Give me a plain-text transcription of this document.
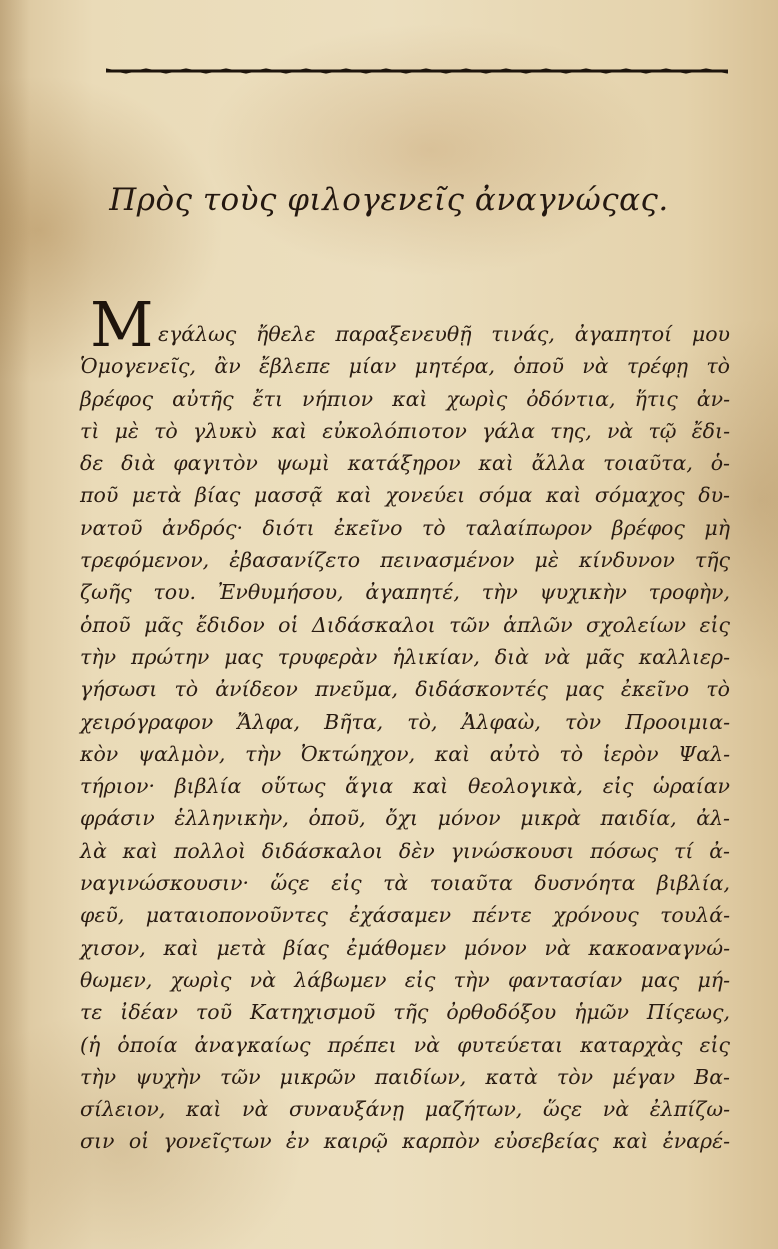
Πρὸς τοὺς φιλογενεῖς ἀναγνώςας.
Μ εγάλως ἤθελε παραξενευθῇ τινάς, ἀγαπητοί μου
Ὁμογενεῖς, ἂν ἔβλεπε μίαν μητέρα, ὁποῦ νὰ τρέφῃ τὸ
βρέφος αὐτῆς ἔτι νήπιον καὶ χωρὶς ὀδόντια, ἥτις ἀν-
τὶ μὲ τὸ γλυκὺ καὶ εὐκολόπιοτον γάλα της, νὰ τῷ ἔδι-
δε διὰ φαγιτὸν ψωμὶ κατάξηρον καὶ ἄλλα τοιαῦτα, ὁ-
ποῦ μετὰ βίας μασσᾷ καὶ χονεύει σόμα καὶ σόμαχος δυ-
νατοῦ ἀνδρός· διότι ἐκεῖνο τὸ ταλαίπωρον βρέφος μὴ
τρεφόμενον, ἐβασανίζετο πεινασμένον μὲ κίνδυνον τῆς
ζωῆς του. Ἐνθυμήσου, ἀγαπητέ, τὴν ψυχικὴν τροφὴν,
ὁποῦ μᾶς ἔδιδον οἱ Διδάσκαλοι τῶν ἁπλῶν σχολείων εἰς
τὴν πρώτην μας τρυφερὰν ἡλικίαν, διὰ νὰ μᾶς καλλιερ-
γήσωσι τὸ ἀνίδεον πνεῦμα, διδάσκοντές μας ἐκεῖνο τὸ
χειρόγραφον Ἄλφα, Βῆτα, τὸ, Ἀλφαὼ, τὸν Προοιμια-
κὸν ψαλμὸν, τὴν Ὀκτώηχον, καὶ αὐτὸ τὸ ἱερὸν Ψαλ-
τήριον· βιβλία οὕτως ἅγια καὶ θεολογικὰ, εἰς ὡραίαν
φράσιν ἑλληνικὴν, ὁποῦ, ὄχι μόνον μικρὰ παιδία, ἀλ-
λὰ καὶ πολλοὶ διδάσκαλοι δὲν γινώσκουσι πόσως τί ἀ-
ναγινώσκουσιν· ὥςε εἰς τὰ τοιαῦτα δυσνόητα βιβλία,
φεῦ, ματαιοπονοῦντες ἐχάσαμεν πέντε χρόνους τουλά-
χισον, καὶ μετὰ βίας ἐμάθομεν μόνον νὰ κακοαναγνώ-
θωμεν, χωρὶς νὰ λάβωμεν εἰς τὴν φαντασίαν μας μή-
τε ἰδέαν τοῦ Κατηχισμοῦ τῆς ὀρθοδόξου ἡμῶν Πίςεως,
(ἡ ὁποία ἀναγκαίως πρέπει νὰ φυτεύεται καταρχὰς εἰς
τὴν ψυχὴν τῶν μικρῶν παιδίων, κατὰ τὸν μέγαν Βα-
σίλειον, καὶ νὰ συναυξάνῃ μαζήτων, ὥςε νὰ ἐλπίζω-
σιν οἱ γονεῖςτων ἐν καιρῷ καρπὸν εὐσεβείας καὶ ἐναρέ-
